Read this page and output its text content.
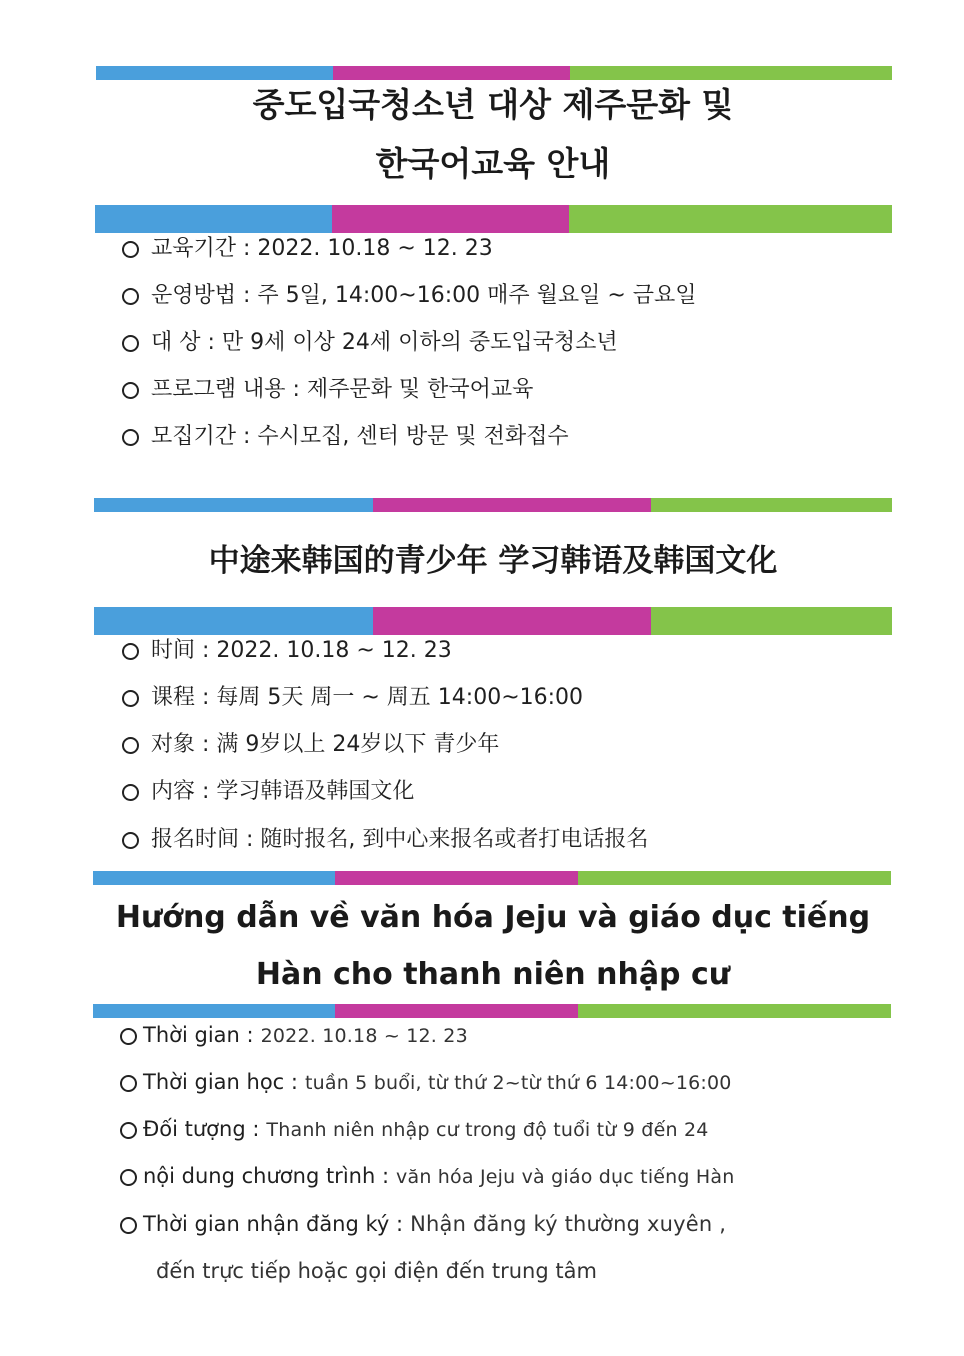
중도입국청소년 대상 제주문화 및
한국어교육 안내
교육기간 : 2022. 10.18 ~ 12. 23
운영방법 : 주 5일, 14:00~16:00 매주 월요일 ~ 금요일
대 상 : 만 9세 이상 24세 이하의 중도입국청소년
프로그램 내용 : 제주문화 및 한국어교육
모집기간 : 수시모집, 센터 방문 및 전화접수
中途来韩国的青少年 学习韩语及韩国文化
时间 : 2022. 10.18 ~ 12. 23
课程 : 每周 5天 周一 ~ 周五 14:00~16:00
对象 : 满 9岁以上 24岁以下 青少年
内容 : 学习韩语及韩国文化
报名时间 : 随时报名, 到中心来报名或者打电话报名
Hướng dẫn về văn hóa Jeju và giáo dục tiếng
Hàn cho thanh niên nhập cư
Thời gian : 2022. 10.18 ~ 12. 23
Thời gian học : tuần 5 buổi, từ thứ 2~từ thứ 6 14:00~16:00
Đối tượng : Thanh niên nhập cư trong độ tuổi từ 9 đến 24
nội dung chương trình : văn hóa Jeju và giáo dục tiếng Hàn
Thời gian nhận đăng ký : Nhận đăng ký thường xuyên ,
đến trực tiếp hoặc gọi điện đến trung tâm
